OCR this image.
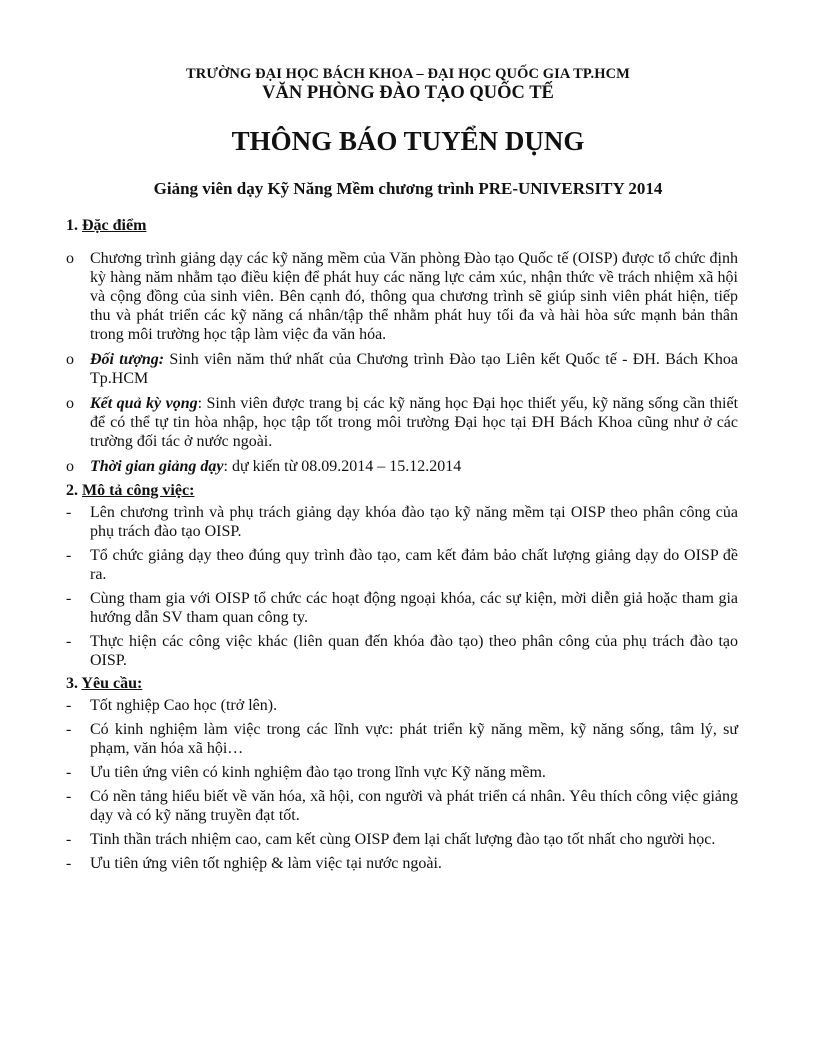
TRƯỜNG ĐẠI HỌC BÁCH KHOA – ĐẠI HỌC QUỐC GIA TP.HCM
VĂN PHÒNG ĐÀO TẠO QUỐC TẾ
THÔNG BÁO TUYỂN DỤNG
Giảng viên dạy Kỹ Năng Mềm chương trình PRE-UNIVERSITY 2014
1. Đặc điểm
o	Chương trình giảng dạy các kỹ năng mềm của Văn phòng Đào tạo Quốc tế (OISP) được tổ chức định kỳ hàng năm nhằm tạo điều kiện để phát huy các năng lực cảm xúc, nhận thức về trách nhiệm xã hội và cộng đồng của sinh viên. Bên cạnh đó, thông qua chương trình sẽ giúp sinh viên phát hiện, tiếp thu và phát triển các kỹ năng cá nhân/tập thể nhằm phát huy tối đa và hài hòa sức mạnh bản thân trong môi trường học tập làm việc đa văn hóa.
o	Đối tượng: Sinh viên năm thứ nhất của Chương trình Đào tạo Liên kết Quốc tế - ĐH. Bách Khoa Tp.HCM
o	Kết quả kỳ vọng: Sinh viên được trang bị các kỹ năng học Đại học thiết yếu, kỹ năng sống cần thiết để có thể tự tin hòa nhập, học tập tốt trong môi trường Đại học tại ĐH Bách Khoa cũng như ở các trường đối tác ở nước ngoài.
o	Thời gian giảng dạy: dự kiến từ 08.09.2014 – 15.12.2014
2. Mô tả công việc:
-	Lên chương trình và phụ trách giảng dạy khóa đào tạo kỹ năng mềm tại OISP theo phân công của phụ trách đào tạo OISP.
-	Tổ chức giảng dạy theo đúng quy trình đào tạo, cam kết đảm bảo chất lượng giảng dạy do OISP đề ra.
-	Cùng tham gia với OISP tổ chức các hoạt động ngoại khóa, các sự kiện, mời diễn giả hoặc tham gia hướng dẫn SV tham quan công ty.
-	Thực hiện các công việc khác (liên quan đến khóa đào tạo) theo phân công của phụ trách đào tạo OISP.
3. Yêu cầu:
-	Tốt nghiệp Cao học (trở lên).
-	Có kinh nghiệm làm việc trong các lĩnh vực: phát triển kỹ năng mềm, kỹ năng sống, tâm lý, sư phạm, văn hóa xã hội…
-	Ưu tiên ứng viên có kinh nghiệm đào tạo trong lĩnh vực Kỹ năng mềm.
-	Có nền tảng hiểu biết về văn hóa, xã hội, con người và phát triển cá nhân. Yêu thích công việc giảng dạy và có kỹ năng truyền đạt tốt.
-	Tinh thần trách nhiệm cao, cam kết cùng OISP đem lại chất lượng đào tạo tốt nhất cho người học.
-	Ưu tiên ứng viên tốt nghiệp & làm việc tại nước ngoài.
